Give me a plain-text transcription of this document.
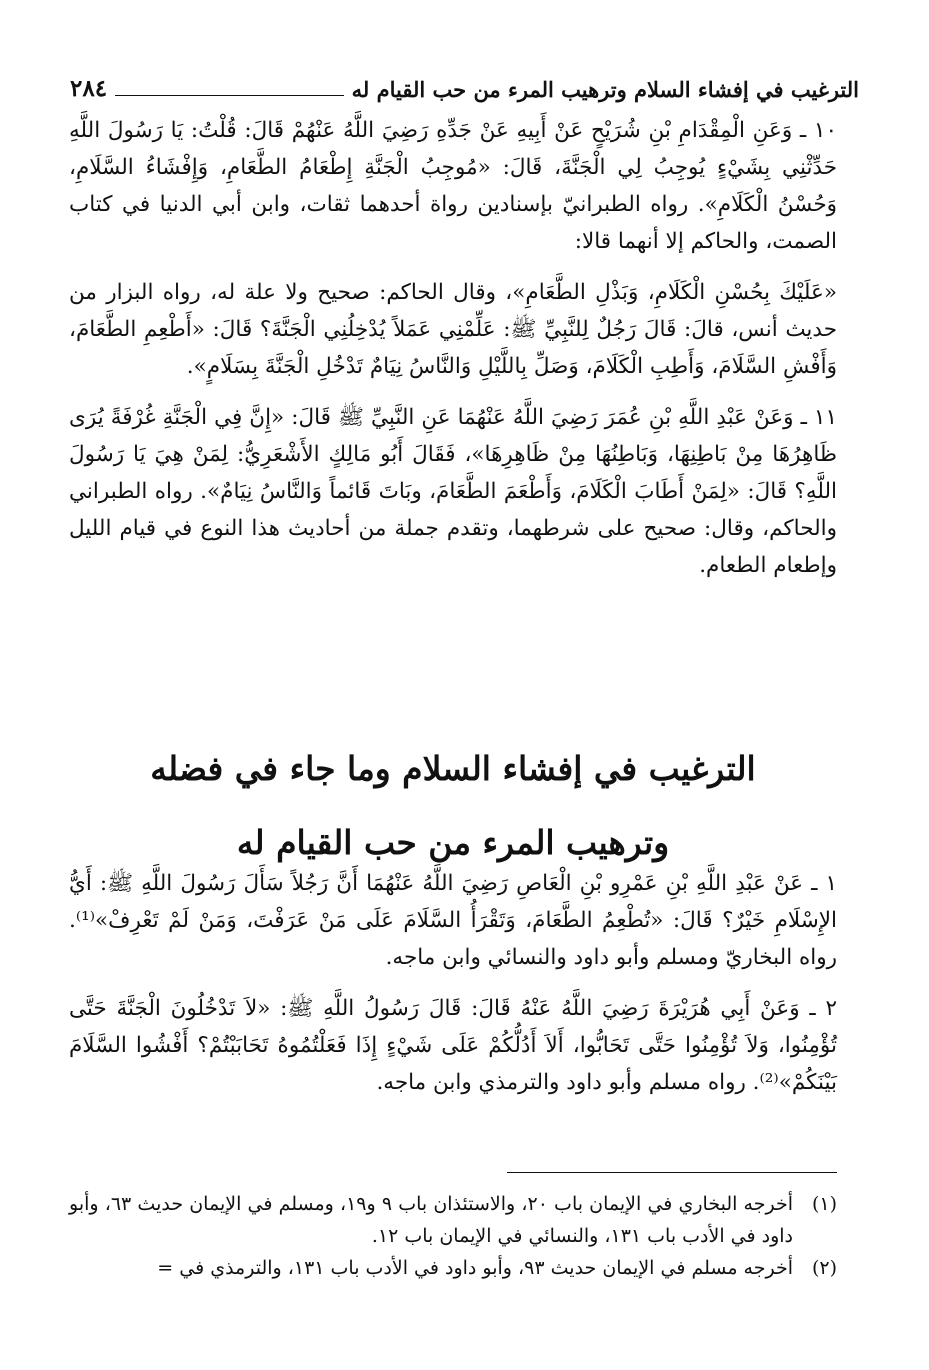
الترغيب في إفشاء السلام وترهيب المرء من حب القيام له
٢٨٤

١٠ ـ وَعَنِ الْمِقْدَامِ بْنِ شُرَيْحٍ عَنْ أَبِيهِ عَنْ جَدِّهِ رَضِيَ اللَّهُ عَنْهُمْ قَالَ: قُلْتُ: يَا رَسُولَ اللَّهِ حَدِّثْنِي بِشَيْءٍ يُوجِبُ لِي الْجَنَّةَ، قَالَ: «مُوجِبُ الْجَنَّةِ إِطْعَامُ الطَّعَامِ، وَإِفْشَاءُ السَّلَامِ، وَحُسْنُ الْكَلَامِ». رواه الطبرانيّ بإسنادين رواة أحدهما ثقات، وابن أبي الدنيا في كتاب الصمت، والحاكم إلا أنهما قالا:

«عَلَيْكَ بِحُسْنِ الْكَلَامِ، وَبَذْلِ الطَّعَامِ»، وقال الحاكم: صحيح ولا علة له، رواه البزار من حديث أنس، قالَ: قَالَ رَجُلٌ لِلنَّبِيِّ ﷺ: عَلِّمْنِي عَمَلاً يُدْخِلُنِي الْجَنَّةَ؟ قَالَ: «أَطْعِمِ الطَّعَامَ، وَأَفْشِ السَّلَامَ، وَأَطِبِ الْكَلَامَ، وَصَلِّ بِاللَّيْلِ وَالنَّاسُ نِيَامٌ تَدْخُلِ الْجَنَّةَ بِسَلَامٍ».

١١ ـ وَعَنْ عَبْدِ اللَّهِ بْنِ عُمَرَ رَضِيَ اللَّهُ عَنْهُمَا عَنِ النَّبِيِّ ﷺ قَالَ: «إِنَّ فِي الْجَنَّةِ غُرْفَةً يُرَى ظَاهِرُهَا مِنْ بَاطِنِهَا، وَبَاطِنُهَا مِنْ ظَاهِرِهَا»، فَقَالَ أَبُو مَالِكٍ الأَشْعَرِيُّ: لِمَنْ هِيَ يَا رَسُولَ اللَّهِ؟ قَالَ: «لِمَنْ أَطَابَ الْكَلَامَ، وَأَطْعَمَ الطَّعَامَ، وبَاتَ قَائماً وَالنَّاسُ نِيَامٌ». رواه الطبراني والحاكم، وقال: صحيح على شرطهما، وتقدم جملة من أحاديث هذا النوع في قيام الليل وإطعام الطعام.

الترغيب في إفشاء السلام وما جاء في فضله
وترهيب المرء من حب القيام له

١ ـ عَنْ عَبْدِ اللَّهِ بْنِ عَمْرِو بْنِ الْعَاصِ رَضِيَ اللَّهُ عَنْهُمَا أَنَّ رَجُلاً سَأَلَ رَسُولَ اللَّهِ ﷺ: أَيُّ الإِسْلَامِ خَيْرٌ؟ قَالَ: «تُطْعِمُ الطَّعَامَ، وَتَقْرَأُ السَّلَامَ عَلَى مَنْ عَرَفْتَ، وَمَنْ لَمْ تَعْرِفْ»⁽¹⁾. رواه البخاريّ ومسلم وأبو داود والنسائي وابن ماجه.

٢ ـ وَعَنْ أَبِي هُرَيْرَةَ رَضِيَ اللَّهُ عَنْهُ قَالَ: قَالَ رَسُولُ اللَّهِ ﷺ: «لاَ تَدْخُلُونَ الْجَنَّةَ حَتَّى تُؤْمِنُوا، وَلاَ تُؤْمِنُوا حَتَّى تَحَابُّوا، أَلاَ أَدُلُّكُمْ عَلَى شَيْءٍ إِذَا فَعَلْتُمُوهُ تَحَابَبْتُمْ؟ أَفْشُوا السَّلَامَ بَيْنَكُمْ»⁽²⁾. رواه مسلم وأبو داود والترمذي وابن ماجه.

(١)
أخرجه البخاري في الإيمان باب ٢٠، والاستئذان باب ٩ و١٩، ومسلم في الإيمان حديث ٦٣، وأبو داود في الأدب باب ١٣١، والنسائي في الإيمان باب ١٢.
(٢)
أخرجه مسلم في الإيمان حديث ٩٣، وأبو داود في الأدب باب ١٣١، والترمذي في =
